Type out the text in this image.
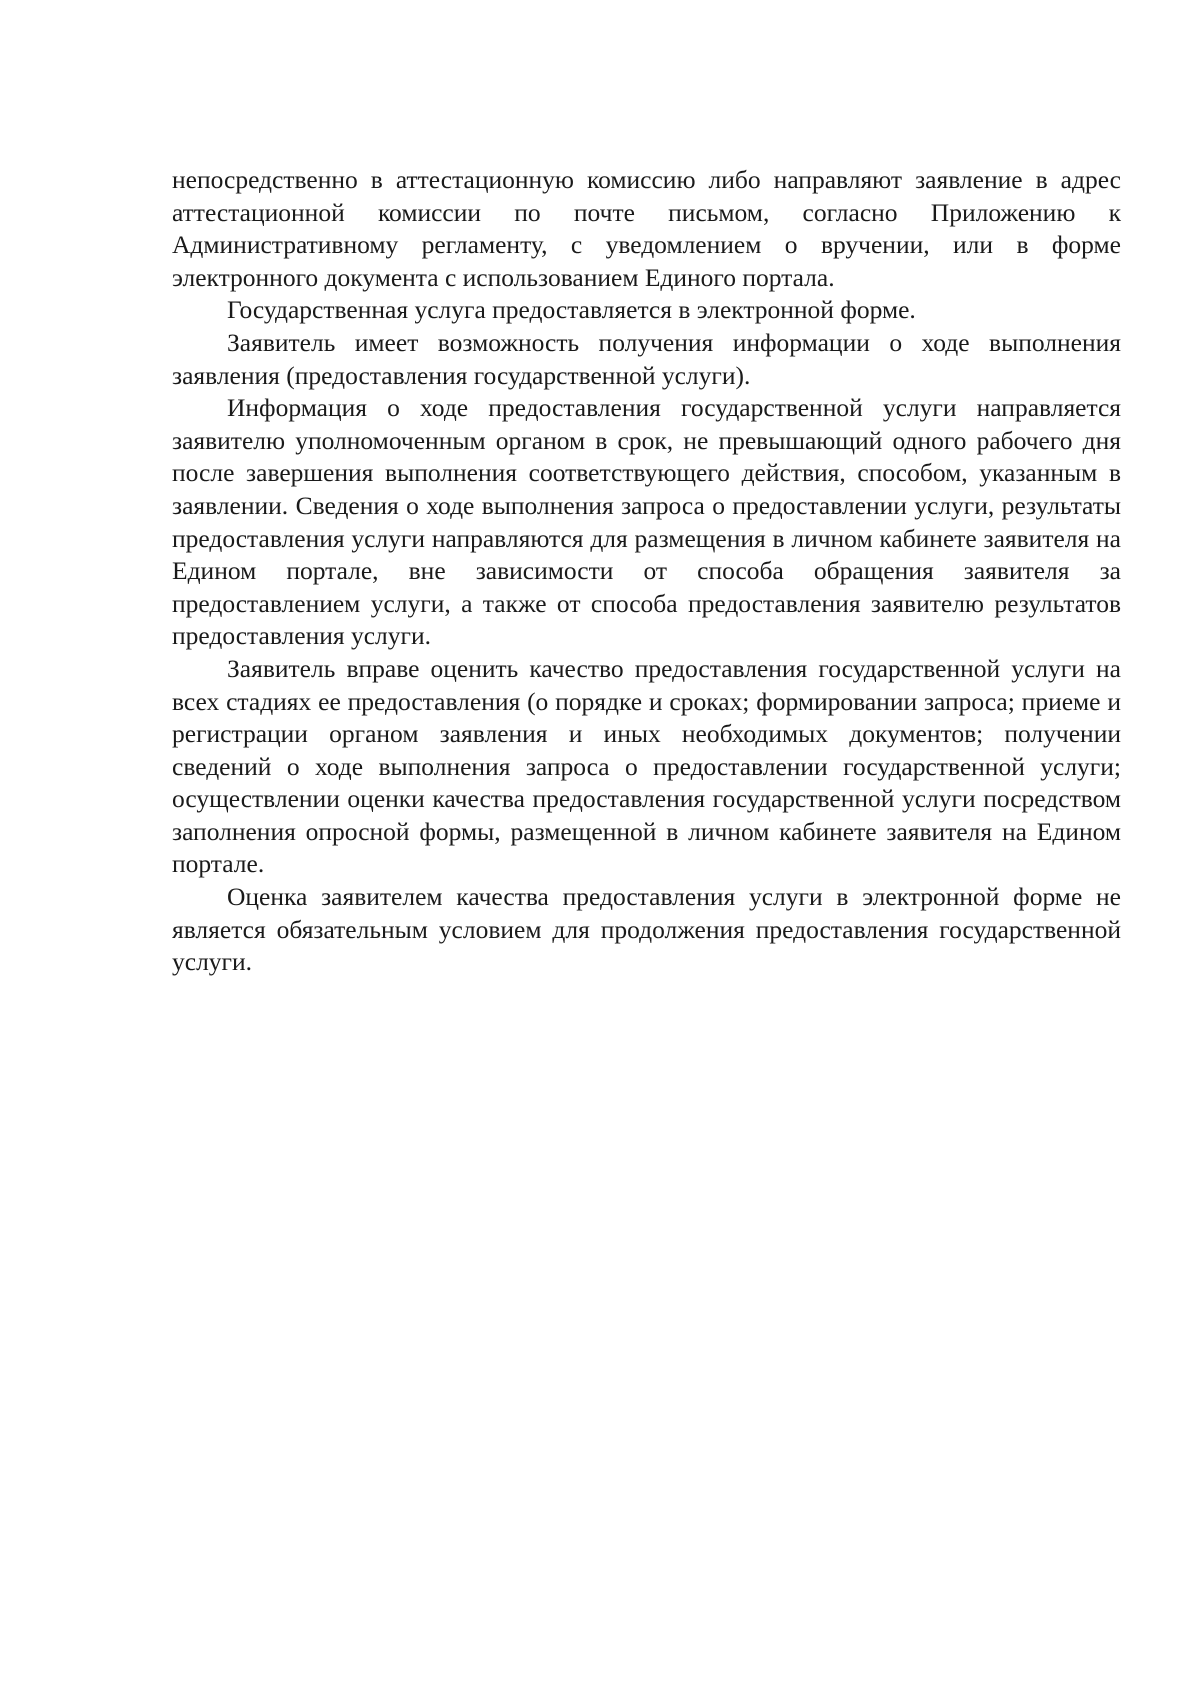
непосредственно в аттестационную комиссию либо направляют заявление в адрес аттестационной комиссии по почте письмом, согласно Приложению к Административному регламенту, с уведомлением о вручении, или в форме электронного документа с использованием Единого портала.

Государственная услуга предоставляется в электронной форме.

Заявитель имеет возможность получения информации о ходе выполнения заявления (предоставления государственной услуги).

Информация о ходе предоставления государственной услуги направляется заявителю уполномоченным органом в срок, не превышающий одного рабочего дня после завершения выполнения соответствующего действия, способом, указанным в заявлении. Сведения о ходе выполнения запроса о предоставлении услуги, результаты предоставления услуги направляются для размещения в личном кабинете заявителя на Едином портале, вне зависимости от способа обращения заявителя за предоставлением услуги, а также от способа предоставления заявителю результатов предоставления услуги.

Заявитель вправе оценить качество предоставления государственной услуги на всех стадиях ее предоставления (о порядке и сроках; формировании запроса; приеме и регистрации органом заявления и иных необходимых документов; получении сведений о ходе выполнения запроса о предоставлении государственной услуги; осуществлении оценки качества предоставления государственной услуги посредством заполнения опросной формы, размещенной в личном кабинете заявителя на Едином портале.

Оценка заявителем качества предоставления услуги в электронной форме не является обязательным условием для продолжения предоставления государственной услуги.
